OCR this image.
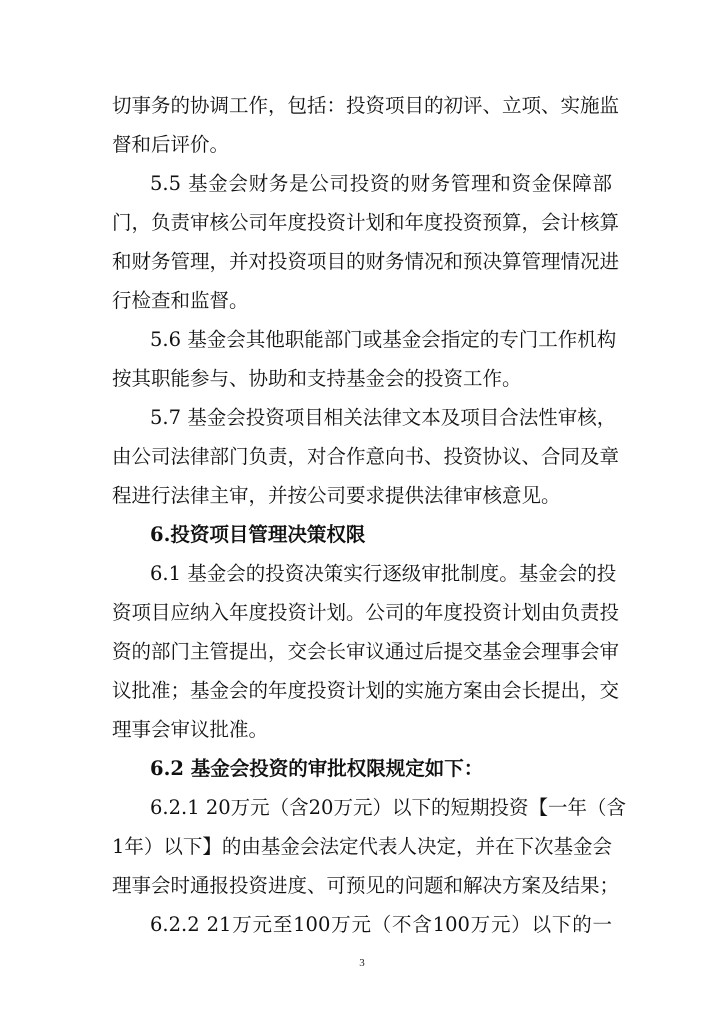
切事务的协调工作，包括：投资项目的初评、立项、实施监
督和后评价。
5.5 基金会财务是公司投资的财务管理和资金保障部
门，负责审核公司年度投资计划和年度投资预算，会计核算
和财务管理，并对投资项目的财务情况和预决算管理情况进
行检查和监督。
5.6 基金会其他职能部门或基金会指定的专门工作机构
按其职能参与、协助和支持基金会的投资工作。
5.7 基金会投资项目相关法律文本及项目合法性审核，
由公司法律部门负责，对合作意向书、投资协议、合同及章
程进行法律主审，并按公司要求提供法律审核意见。
6.投资项目管理决策权限
6.1 基金会的投资决策实行逐级审批制度。基金会的投
资项目应纳入年度投资计划。公司的年度投资计划由负责投
资的部门主管提出，交会长审议通过后提交基金会理事会审
议批准；基金会的年度投资计划的实施方案由会长提出，交
理事会审议批准。
6.2 基金会投资的审批权限规定如下：
6.2.1 20万元（含20万元）以下的短期投资【一年（含
1年）以下】的由基金会法定代表人决定，并在下次基金会
理事会时通报投资进度、可预见的问题和解决方案及结果；
6.2.2 21万元至100万元（不含100万元）以下的一
3
